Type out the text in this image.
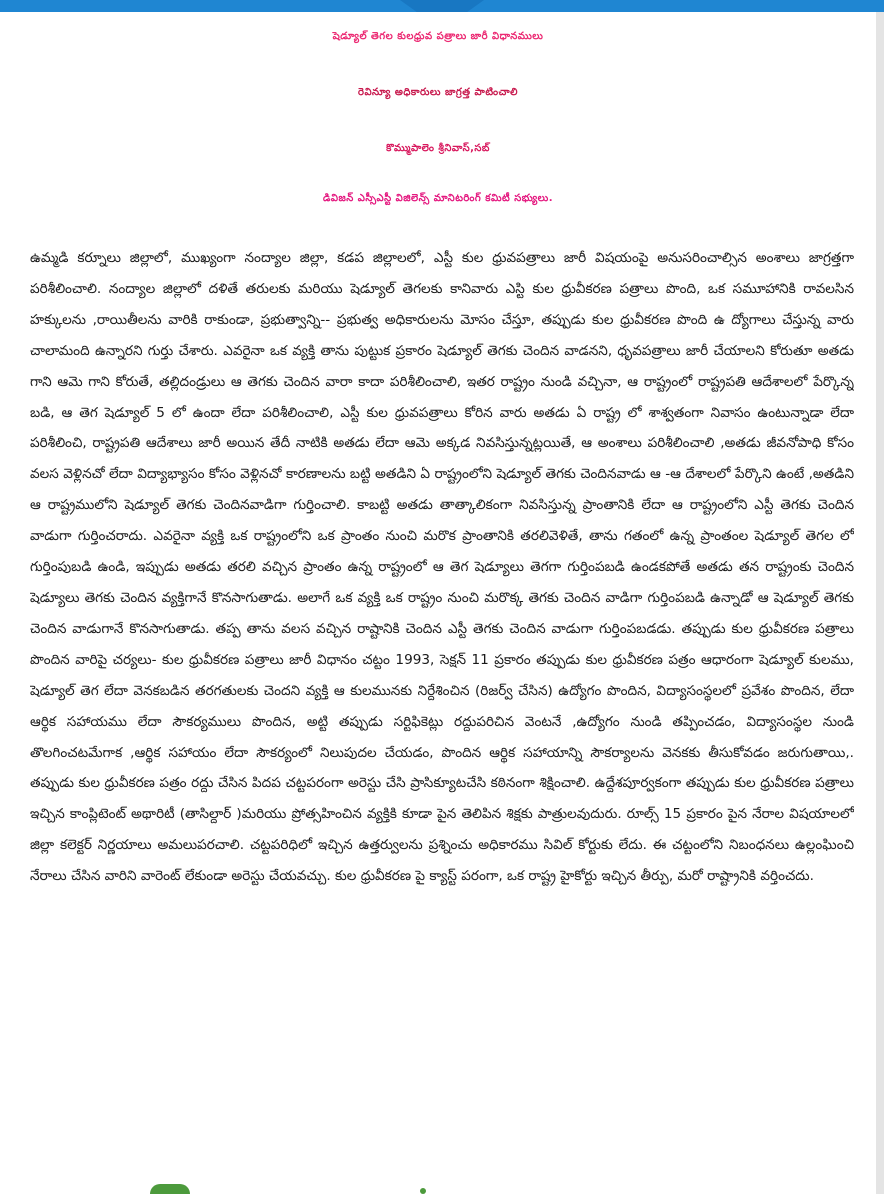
షెడ్యూల్ తెగల కులధ్రువ పత్రాలు జారీ విధానములు
రెవిన్యూ అధికారులు జాగ్రత్త పాటించాలి
కొమ్ముపాలెం శ్రీనివాస్,సబ్
డివిజన్ ఎస్సీఎస్టీ విజిలెన్స్ మానిటరింగ్ కమిటీ సభ్యులు.
ఉమ్మడి కర్నూలు జిల్లాలో, ముఖ్యంగా నంద్యాల జిల్లా, కడప జిల్లాలలో, ఎస్టీ కుల ధ్రువపత్రాలు జారీ విషయంపై అనుసరించాల్సిన అంశాలు జాగ్రత్తగా పరిశీలించాలి. నంద్యాల జిల్లాలో దళితే తరులకు మరియు షెడ్యూల్ తెగలకు కానివారు ఎస్టి కుల ధ్రువీకరణ పత్రాలు పొంది, ఒక సమూహానికి రావలసిన హక్కులను ,రాయితీలను వారికి రాకుండా, ప్రభుత్వాన్ని-- ప్రభుత్వ అధికారులను మోసం చేస్తూ, తప్పుడు కుల ధ్రువీకరణ పొంది ఉ ద్యోగాలు చేస్తున్న వారు చాలామంది ఉన్నారని గుర్తు చేశారు. ఎవరైనా ఒక వ్యక్తి తాను పుట్టుక ప్రకారం షెడ్యూల్ తెగకు చెందిన వాడనని, ధృవపత్రాలు జారీ చేయాలని కోరుతూ అతడు గాని ఆమె గాని కోరుతే, తల్లిదండ్రులు ఆ తెగకు చెందిన వారా కాదా పరిశీలించాలి, ఇతర రాష్ట్రం నుండి వచ్చినా, ఆ రాష్ట్రంలో రాష్ట్రపతి ఆదేశాలలో పేర్కొన్న బడి, ఆ తెగ షెడ్యూల్ 5 లో ఉందా లేదా పరిశీలించాలి, ఎస్టీ కుల ధ్రువపత్రాలు కోరిన వారు అతడు ఏ రాష్ట్ర లో శాశ్వతంగా నివాసం ఉంటున్నాడా లేదా పరిశీలించి, రాష్ట్రపతి ఆదేశాలు జారీ అయిన తేదీ నాటికి అతడు లేదా ఆమె అక్కడ నివసిస్తున్నట్లయితే, ఆ అంశాలు పరిశీలించాలి ,అతడు జీవనోపాధి కోసం వలస వెళ్లినచో లేదా విద్యాభ్యాసం కోసం వెళ్లినచో కారణాలను బట్టి అతడిని ఏ రాష్ట్రంలోని షెడ్యూల్ తెగకు చెందినవాడు ఆ -ఆ దేశాలలో పేర్కొని ఉంటే ,అతడిని ఆ రాష్ట్రములోని షెడ్యూల్ తెగకు చెందినవాడిగా గుర్తించాలి. కాబట్టి అతడు తాత్కాలికంగా నివసిస్తున్న ప్రాంతానికి లేదా ఆ రాష్ట్రంలోని ఎస్టీ తెగకు చెందిన వాడుగా గుర్తించరాదు. ఎవరైనా వ్యక్తి ఒక రాష్ట్రంలోని ఒక ప్రాంతం నుంచి మరొక ప్రాంతానికి తరలివెళితే, తాను గతంలో ఉన్న ప్రాంతంల షెడ్యూల్ తెగల లో గుర్తింపుబడి ఉండి, ఇప్పుడు అతడు తరలి వచ్చిన ప్రాంతం ఉన్న రాష్ట్రంలో ఆ తెగ షెడ్యూలు తెగగా గుర్తింపబడి ఉండకపోతే అతడు తన రాష్ట్రంకు చెందిన షెడ్యూలు తెగకు చెందిన వ్యక్తిగానే కొనసాగుతాడు. అలాగే ఒక వ్యక్తి ఒక రాష్ట్రం నుంచి మరొక్క తెగకు చెందిన వాడిగా గుర్తింపబడి ఉన్నాడో ఆ షెడ్యూల్ తెగకు చెందిన వాడుగానే కొనసాగుతాడు. తప్ప తాను వలస వచ్చిన రాష్టానికి చెందిన ఎస్టీ తెగకు చెందిన వాడుగా గుర్తింపబడడు. తప్పుడు కుల ధ్రువీకరణ పత్రాలు పొందిన వారిపై చర్యలు- కుల ధ్రువీకరణ పత్రాలు జారీ విధానం చట్టం 1993, సెక్షన్ 11 ప్రకారం తప్పుడు కుల ధ్రువీకరణ పత్రం ఆధారంగా షెడ్యూల్ కులము, షెడ్యూల్ తెగ లేదా వెనకబడిన తరగతులకు చెందని వ్యక్తి ఆ కులమునకు నిర్దేశించిన (రిజర్వ్ చేసిన) ఉద్యోగం పొందిన, విద్యాసంస్థలలో ప్రవేశం పొందిన, లేదా ఆర్థిక సహాయము లేదా సౌకర్యములు పొందిన, అట్టి తప్పుడు సర్టిఫికెట్లు రద్దుపరిచిన వెంటనే ,ఉద్యోగం నుండి తప్పించడం, విద్యాసంస్థల నుండి తొలగించటమేగాక ,ఆర్థిక సహాయం లేదా సౌకర్యంలో నిలుపుదల చేయడం, పొందిన ఆర్థిక సహాయాన్ని సౌకర్యాలను వెనకకు తీసుకోవడం జరుగుతాయి,. తప్పుడు కుల ధ్రువీకరణ పత్రం రద్దు చేసిన పిదప చట్టపరంగా అరెస్టు చేసి ప్రాసిక్యూటచేసి కఠినంగా శిక్షించాలి. ఉద్దేశపూర్వకంగా తప్పుడు కుల ధ్రువీకరణ పత్రాలు ఇచ్చిన కాంప్లిటెంట్ అథారిటీ (తాసిల్దార్ )మరియు ప్రోత్సహించిన వ్యక్తికి కూడా పైన తెలిపిన శిక్షకు పాత్రులవుదురు. రూల్స్ 15 ప్రకారం పైన నేరాల విషయాలలో జిల్లా కలెక్టర్ నిర్ణయాలు అమలుపరచాలి. చట్టపరిధిలో ఇచ్చిన ఉత్తర్వులను ప్రశ్నించు అధికారము సివిల్ కోర్టుకు లేదు. ఈ చట్టంలోని నిబంధనలు ఉల్లంఘించి నేరాలు చేసిన వారిని వారెంట్ లేకుండా అరెస్టు చేయవచ్చు. కుల ధ్రువీకరణ పై క్యాస్ట్ పరంగా, ఒక రాష్ట్ర హైకోర్టు ఇచ్చిన తీర్పు, మరో రాష్ట్రానికి వర్తించదు.
